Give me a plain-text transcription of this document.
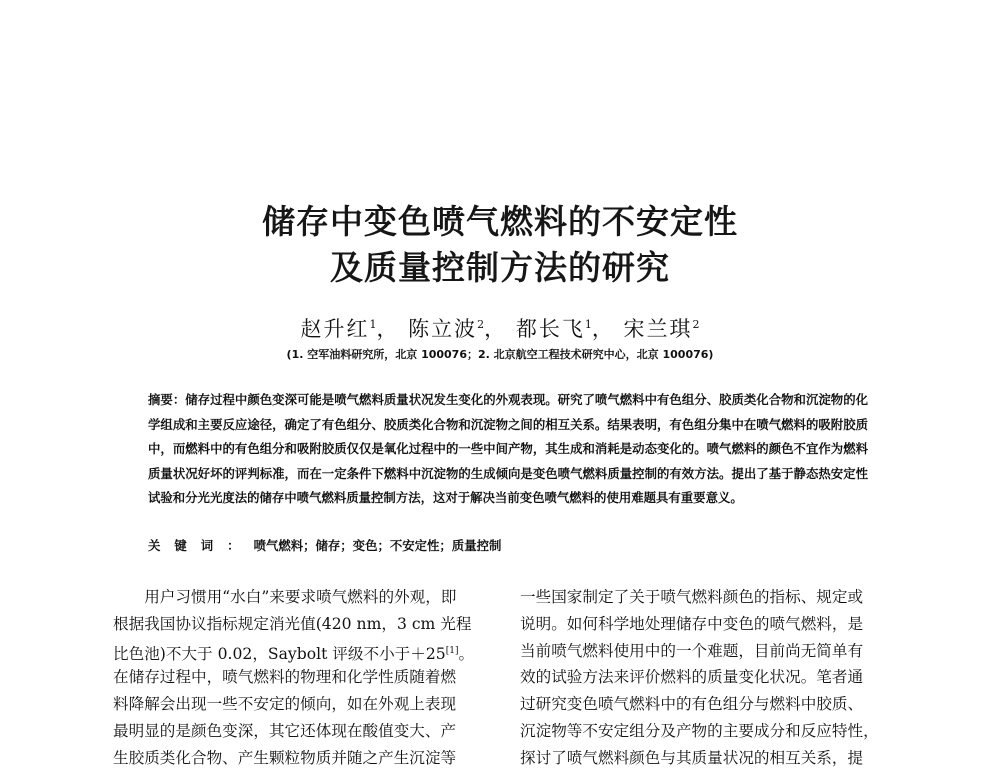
储存中变色喷气燃料的不安定性
及质量控制方法的研究
赵升红$^1$， 陈立波$^2$， 都长飞$^1$， 宋兰琪$^2$
(1. 空军油料研究所，北京 100076；2. 北京航空工程技术研究中心，北京 100076)
摘要：储存过程中颜色变深可能是喷气燃料质量状况发生变化的外观表现。研究了喷气燃料中有色组分、胶质类化合物和沉淀物的化学组成和主要反应途径，确定了有色组分、胶质类化合物和沉淀物之间的相互关系。结果表明，有色组分集中在喷气燃料的吸附胶质中，而燃料中的有色组分和吸附胶质仅仅是氧化过程中的一些中间产物，其生成和消耗是动态变化的。喷气燃料的颜色不宜作为燃料质量状况好坏的评判标准，而在一定条件下燃料中沉淀物的生成倾向是变色喷气燃料质量控制的有效方法。提出了基于静态热安定性试验和分光光度法的储存中喷气燃料质量控制方法，这对于解决当前变色喷气燃料的使用难题具有重要意义。
关键词：喷气燃料；储存；变色；不安定性；质量控制
　　用户习惯用“水白”来要求喷气燃料的外观，即
根据我国协议指标规定消光值(420 nm，3 cm 光程
比色池)不大于 0.02，Saybolt 评级不小于＋25[1]。
在储存过程中，喷气燃料的物理和化学性质随着燃
料降解会出现一些不安定的倾向，如在外观上表现
最明显的是颜色变深，其它还体现在酸值变大、产
生胶质类化合物、产生颗粒物质并随之产生沉淀等
一些国家制定了关于喷气燃料颜色的指标、规定或
说明。如何科学地处理储存中变色的喷气燃料，是
当前喷气燃料使用中的一个难题，目前尚无简单有
效的试验方法来评价燃料的质量变化状况。笔者通
过研究变色喷气燃料中的有色组分与燃料中胶质、
沉淀物等不安定组分及产物的主要成分和反应特性，
探讨了喷气燃料颜色与其质量状况的相互关系，提
